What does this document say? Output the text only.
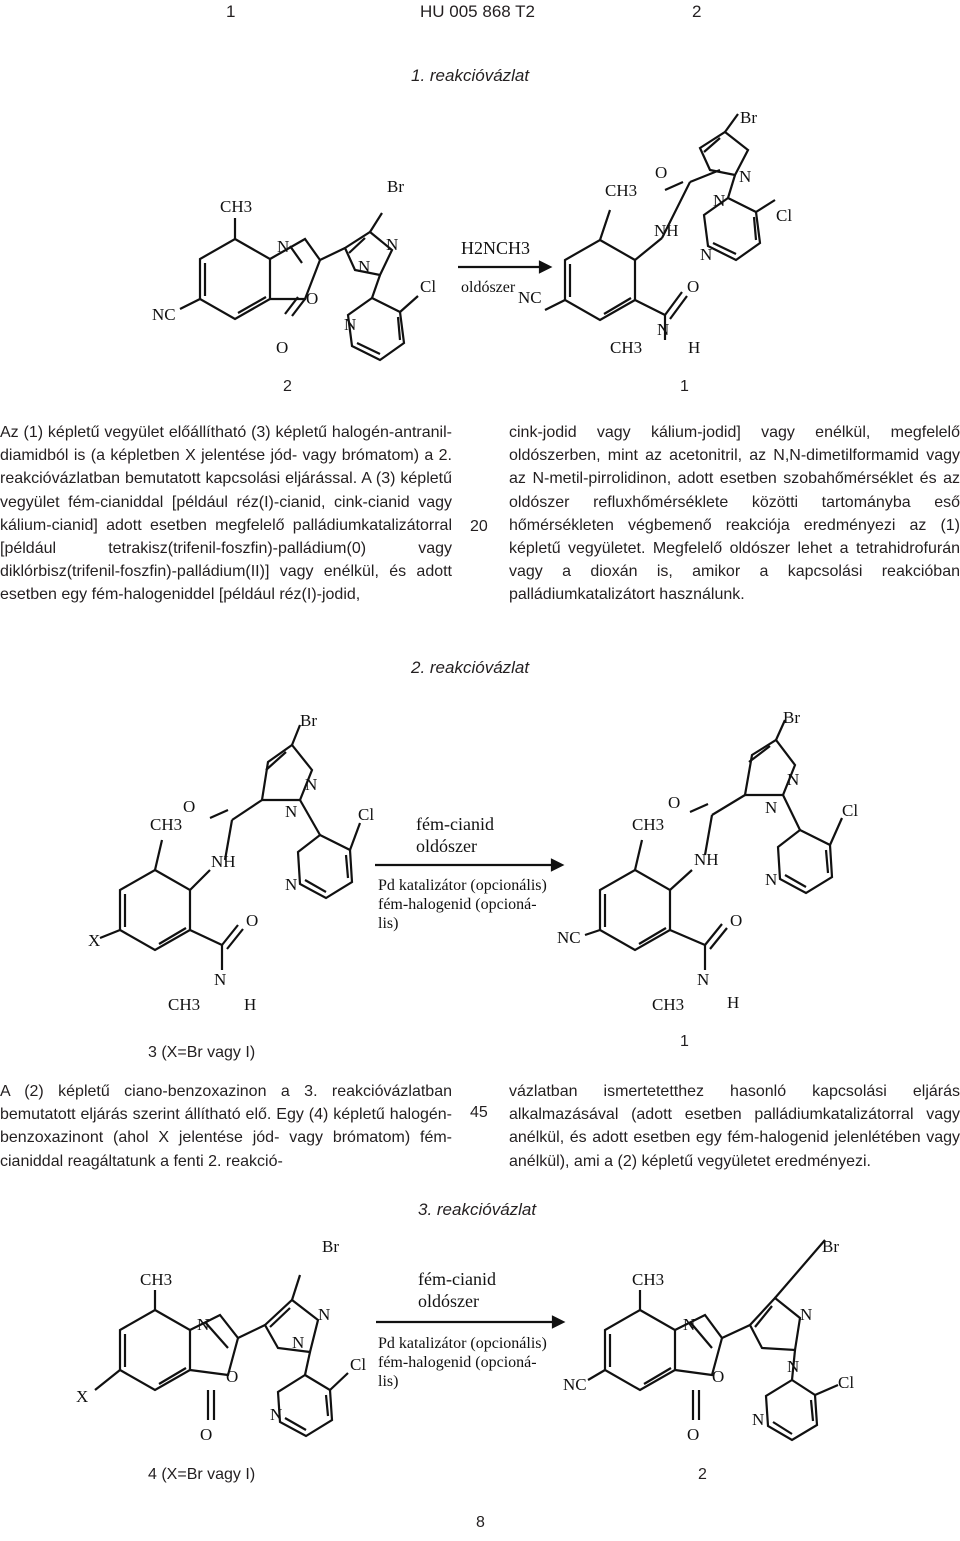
1	HU 005 868 T2	2
1. reakcióvázlat
CH3
NC
N
O
O
Br
N
N
Cl
N
H2NCH3
oldószer
CH3
NC
NH
O
O
N
CH3	H
Br
N
N
Cl
N
2	1
Az (1) képletű vegyület előállítható (3) képletű halogén-antranil-diamidból is (a képletben X jelentése jód- vagy brómatom) a 2. reakcióvázlatban bemutatott kapcsolási eljárással. A (3) képletű vegyület fém-cianiddal [például réz(I)-cianid, cink-cianid vagy kálium-cianid] adott esetben megfelelő palládiumkatalizátorral [például tetrakisz(trifenil-foszfin)-palládium(0) vagy diklórbisz(trifenil-foszfin)-palládium(II)] vagy enélkül, és adott esetben egy fém-halogeniddel [például réz(I)-jodid,
20
cink-jodid vagy kálium-jodid] vagy enélkül, megfelelő oldószerben, mint az acetonitril, az N,N-dimetilformamid vagy az N-metil-pirrolidinon, adott esetben szobahőmérséklet és az oldószer refluxhőmérséklete közötti tartományba eső hőmérsékleten végbemenő reakciója eredményezi az (1) képletű vegyületet. Megfelelő oldószer lehet a tetrahidrofurán vagy a dioxán is, amikor a kapcsolási reakcióban palládiumkatalizátort használunk.
2. reakcióvázlat
CH3
X
NH
O
O
N
CH3	H
Br
N
N	Cl
N
fém-cianid
oldószer
Pd katalizátor (opcionális)
fém-halogenid (opcioná-
lis)
CH3
NC
NH
O
O
N
CH3	H
Br
N
N	Cl
N
3 (X=Br vagy I)
1
A (2) képletű ciano-benzoxazinon a 3. reakcióvázlatban bemutatott eljárás szerint állítható elő. Egy (4) képletű halogén-benzoxazinont (ahol X jelentése jód- vagy brómatom) fém-cianiddal reagáltatunk a fenti 2. reakció-
45
vázlatban ismertetetthez hasonló kapcsolási eljárás alkalmazásával (adott esetben palládiumkatalizátorral vagy anélkül, és adott esetben egy fém-halogenid jelenlétében vagy anélkül), ami a (2) képletű vegyületet eredményezi.
3. reakcióvázlat
CH3
X
N
O
O
Br
N
N
Cl
N
fém-cianid
oldószer
Pd katalizátor (opcionális)
fém-halogenid (opcioná-
lis)
CH3
NC
N
O
O
Br
N
N
Cl
N
4 (X=Br vagy I)	2
8
